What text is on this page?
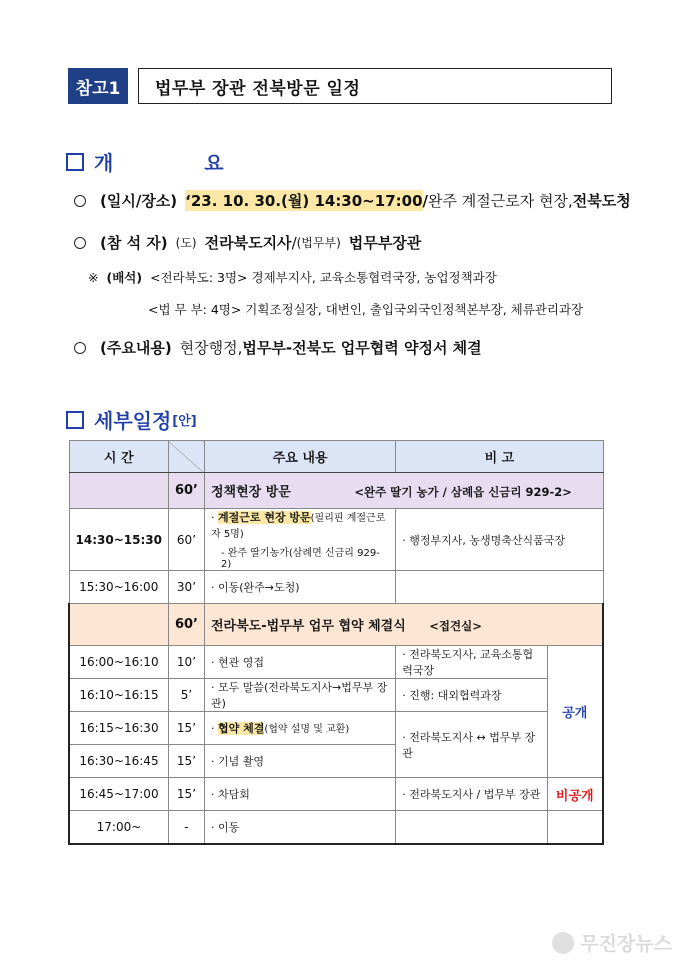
참고1	법무부 장관 전북방문 일정
개 요
(일시/장소) ‘23. 10. 30.(월) 14:30~17:00 / 완주 계절근로자 현장, 전북도청
(참 석 자) (도) 전라북도지사 / (법무부) 법무부장관
※ (배석) <전라북도: 3명> 경제부지사, 교육소통협력국장, 농업정책과장
<법 무 부: 4명> 기획조정실장, 대변인, 출입국외국인정책본부장, 체류관리과장
(주요내용) 현장행정, 법무부-전북도 업무협력 약정서 체결
세부일정 [안]
시 간		주요 내용	비 고	
	60’	정책현장 방문 <완주 딸기 농가 / 삼례읍 신금리 929-2>		
14:30~15:30	60’	· 계절근로 현장 방문(필리핀 계절근로자 5명)
- 완주 딸기농가(삼례면 신금리 929-2)	· 행정부지사, 농생명축산식품국장	
15:30~16:00	30’	· 이동(완주→도청)		
	60’	전라북도-법무부 업무 협약 체결식 <접견실>		
16:00~16:10	10’	· 현관 영접	· 전라북도지사, 교육소통협력국장	공개
16:10~16:15	5’	· 모두 말씀(전라북도지사→법무부 장관)	· 진행: 대외협력과장	
16:15~16:30	15’	· 협약 체결(협약 설명 및 교환)	· 전라북도지사 ↔ 법무부 장관	
16:30~16:45	15’	· 기념 촬영		
16:45~17:00	15’	· 차담회	· 전라북도지사 / 법무부 장관	비공개
17:00~	-	· 이동		
무진장뉴스
